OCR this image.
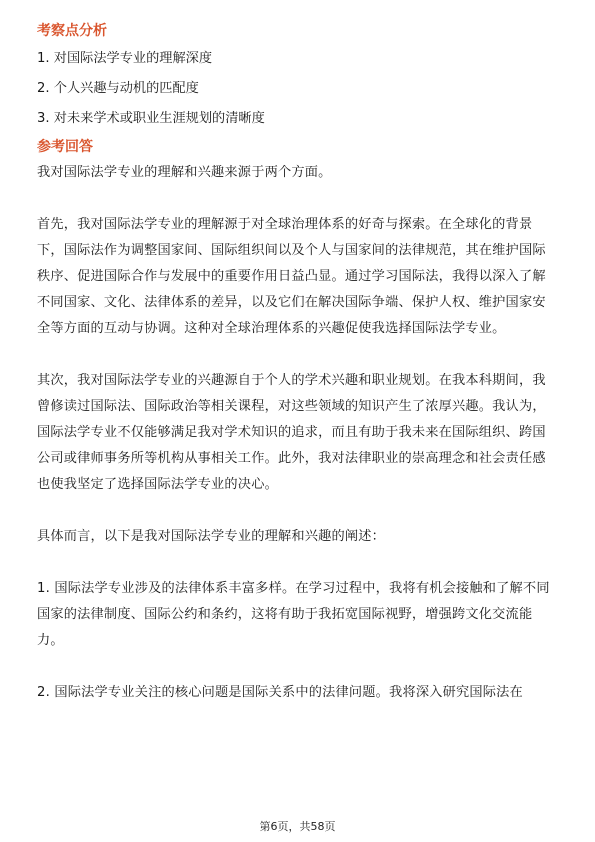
考察点分析
1. 对国际法学专业的理解深度
2. 个人兴趣与动机的匹配度
3. 对未来学术或职业生涯规划的清晰度
参考回答

我对国际法学专业的理解和兴趣来源于两个方面。

首先，我对国际法学专业的理解源于对全球治理体系的好奇与探索。在全球化的背景下，国际法作为调整国家间、国际组织间以及个人与国家间的法律规范，其在维护国际秩序、促进国际合作与发展中的重要作用日益凸显。通过学习国际法，我得以深入了解不同国家、文化、法律体系的差异，以及它们在解决国际争端、保护人权、维护国家安全等方面的互动与协调。这种对全球治理体系的兴趣促使我选择国际法学专业。

其次，我对国际法学专业的兴趣源自于个人的学术兴趣和职业规划。在我本科期间，我曾修读过国际法、国际政治等相关课程，对这些领域的知识产生了浓厚兴趣。我认为，国际法学专业不仅能够满足我对学术知识的追求，而且有助于我未来在国际组织、跨国公司或律师事务所等机构从事相关工作。此外，我对法律职业的崇高理念和社会责任感也使我坚定了选择国际法学专业的决心。

具体而言，以下是我对国际法学专业的理解和兴趣的阐述：

1. 国际法学专业涉及的法律体系丰富多样。在学习过程中，我将有机会接触和了解不同国家的法律制度、国际公约和条约，这将有助于我拓宽国际视野，增强跨文化交流能力。

2. 国际法学专业关注的核心问题是国际关系中的法律问题。我将深入研究国际法在

第6页，共58页
